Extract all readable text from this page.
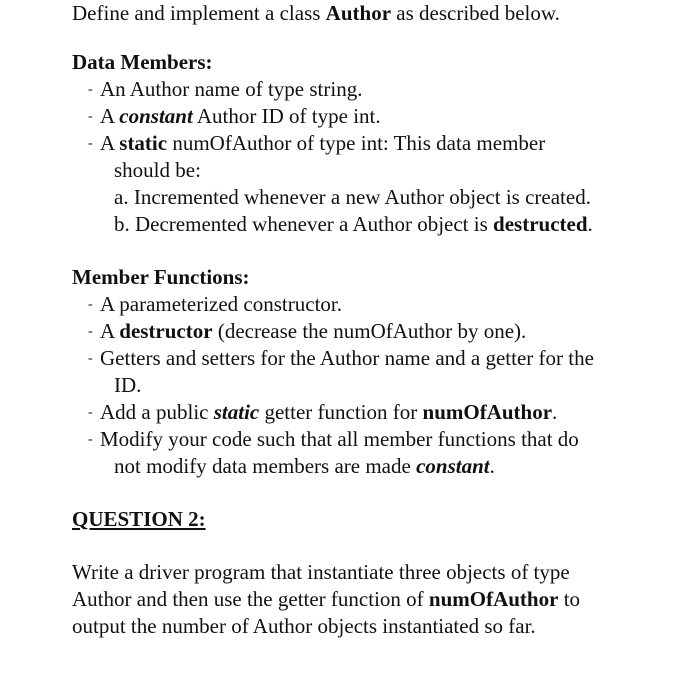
Define and implement a class Author as described below.
Data Members:
- An Author name of type string.
- A constant Author ID of type int.
- A static numOfAuthor of type int: This data member
should be:
a. Incremented whenever a new Author object is created.
b. Decremented whenever a Author object is destructed.
Member Functions:
- A parameterized constructor.
- A destructor (decrease the numOfAuthor by one).
- Getters and setters for the Author name and a getter for the
ID.
- Add a public static getter function for numOfAuthor.
- Modify your code such that all member functions that do
not modify data members are made constant.
QUESTION 2:
Write a driver program that instantiate three objects of type
Author and then use the getter function of numOfAuthor to
output the number of Author objects instantiated so far.
